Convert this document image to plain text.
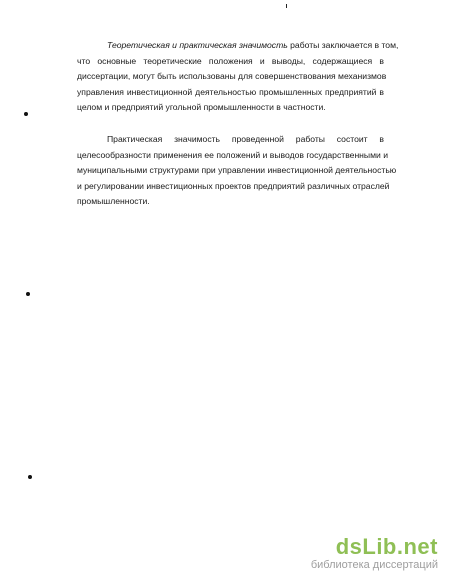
Теоретическая и практическая значимость работы заключается в том,
что основные теоретические положения и выводы, содержащиеся в
диссертации, могут быть использованы для совершенствования механизмов
управления инвестиционной деятельностью промышленных предприятий в
целом и предприятий угольной промышленности в частности.
Практическая значимость проведенной работы состоит в
целесообразности применения ее положений и выводов государственными и
муниципальными структурами при управлении инвестиционной деятельностью
и регулировании инвестиционных проектов предприятий различных отраслей
промышленности.
dsLib.net
библиотека диссертаций
